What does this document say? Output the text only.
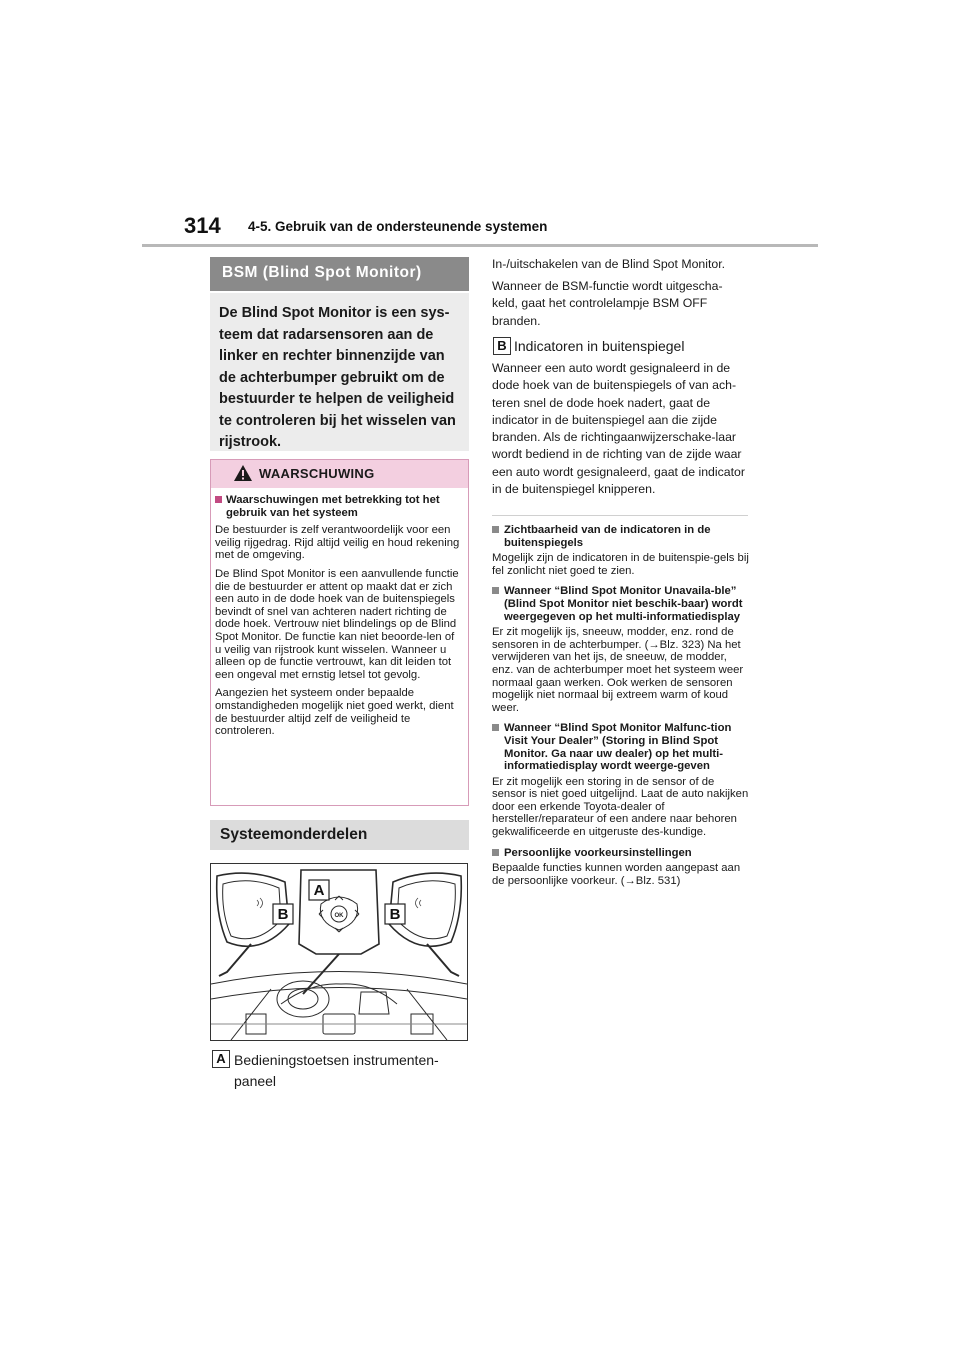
314 4-5. Gebruik van de ondersteunende systemen
BSM (Blind Spot Monitor)

De Blind Spot Monitor is een sys-teem dat radarsensoren aan de linker en rechter binnenzijde van de achterbumper gebruikt om de bestuurder te helpen de veiligheid te controleren bij het wisselen van rijstrook.

WAARSCHUWING
Waarschuwingen met betrekking tot het gebruik van het systeem

De bestuurder is zelf verantwoordelijk voor een veilig rijgedrag. Rijd altijd veilig en houd rekening met de omgeving.

De Blind Spot Monitor is een aanvullende functie die de bestuurder er attent op maakt dat er zich een auto in de dode hoek van de buitenspiegels bevindt of snel van achteren nadert richting de dode hoek. Vertrouw niet blindelings op de Blind Spot Monitor. De functie kan niet beoorde-len of u veilig van rijstrook kunt wisselen. Wanneer u alleen op de functie vertrouwt, kan dit leiden tot een ongeval met ernstig letsel tot gevolg.

Aangezien het systeem onder bepaalde omstandigheden mogelijk niet goed werkt, dient de bestuurder altijd zelf de veiligheid te controleren.

Systeemonderdelen
B	B
A
OK
A Bedieningstoetsen instrumenten-paneel

In-/uitschakelen van de Blind Spot Monitor.

Wanneer de BSM-functie wordt uitgescha-keld, gaat het controlelampje BSM OFF branden.

B Indicatoren in buitenspiegel

Wanneer een auto wordt gesignaleerd in de dode hoek van de buitenspiegels of van ach-teren snel de dode hoek nadert, gaat de indicator in de buitenspiegel aan die zijde branden. Als de richtingaanwijzerschake-laar wordt bediend in de richting van de zijde waar een auto wordt gesignaleerd, gaat de indicator in de buitenspiegel knipperen.

Zichtbaarheid van de indicatoren in de buitenspiegels

Mogelijk zijn de indicatoren in de buitenspie-gels bij fel zonlicht niet goed te zien.

Wanneer “Blind Spot Monitor Unavaila-ble” (Blind Spot Monitor niet beschik-baar) wordt weergegeven op het multi-informatiedisplay

Er zit mogelijk ijs, sneeuw, modder, enz. rond de sensoren in de achterbumper. (→Blz. 323) Na het verwijderen van het ijs, de sneeuw, de modder, enz. van de achterbumper moet het systeem weer normaal gaan werken. Ook werken de sensoren mogelijk niet normaal bij extreem warm of koud weer.

Wanneer “Blind Spot Monitor Malfunc-tion Visit Your Dealer” (Storing in Blind Spot Monitor. Ga naar uw dealer) op het multi-informatiedisplay wordt weerge-geven

Er zit mogelijk een storing in de sensor of de sensor is niet goed uitgelijnd. Laat de auto nakijken door een erkende Toyota-dealer of hersteller/reparateur of een andere naar behoren gekwalificeerde en uitgeruste des-kundige.

Persoonlijke voorkeursinstellingen

Bepaalde functies kunnen worden aangepast aan de persoonlijke voorkeur. (→Blz. 531)
